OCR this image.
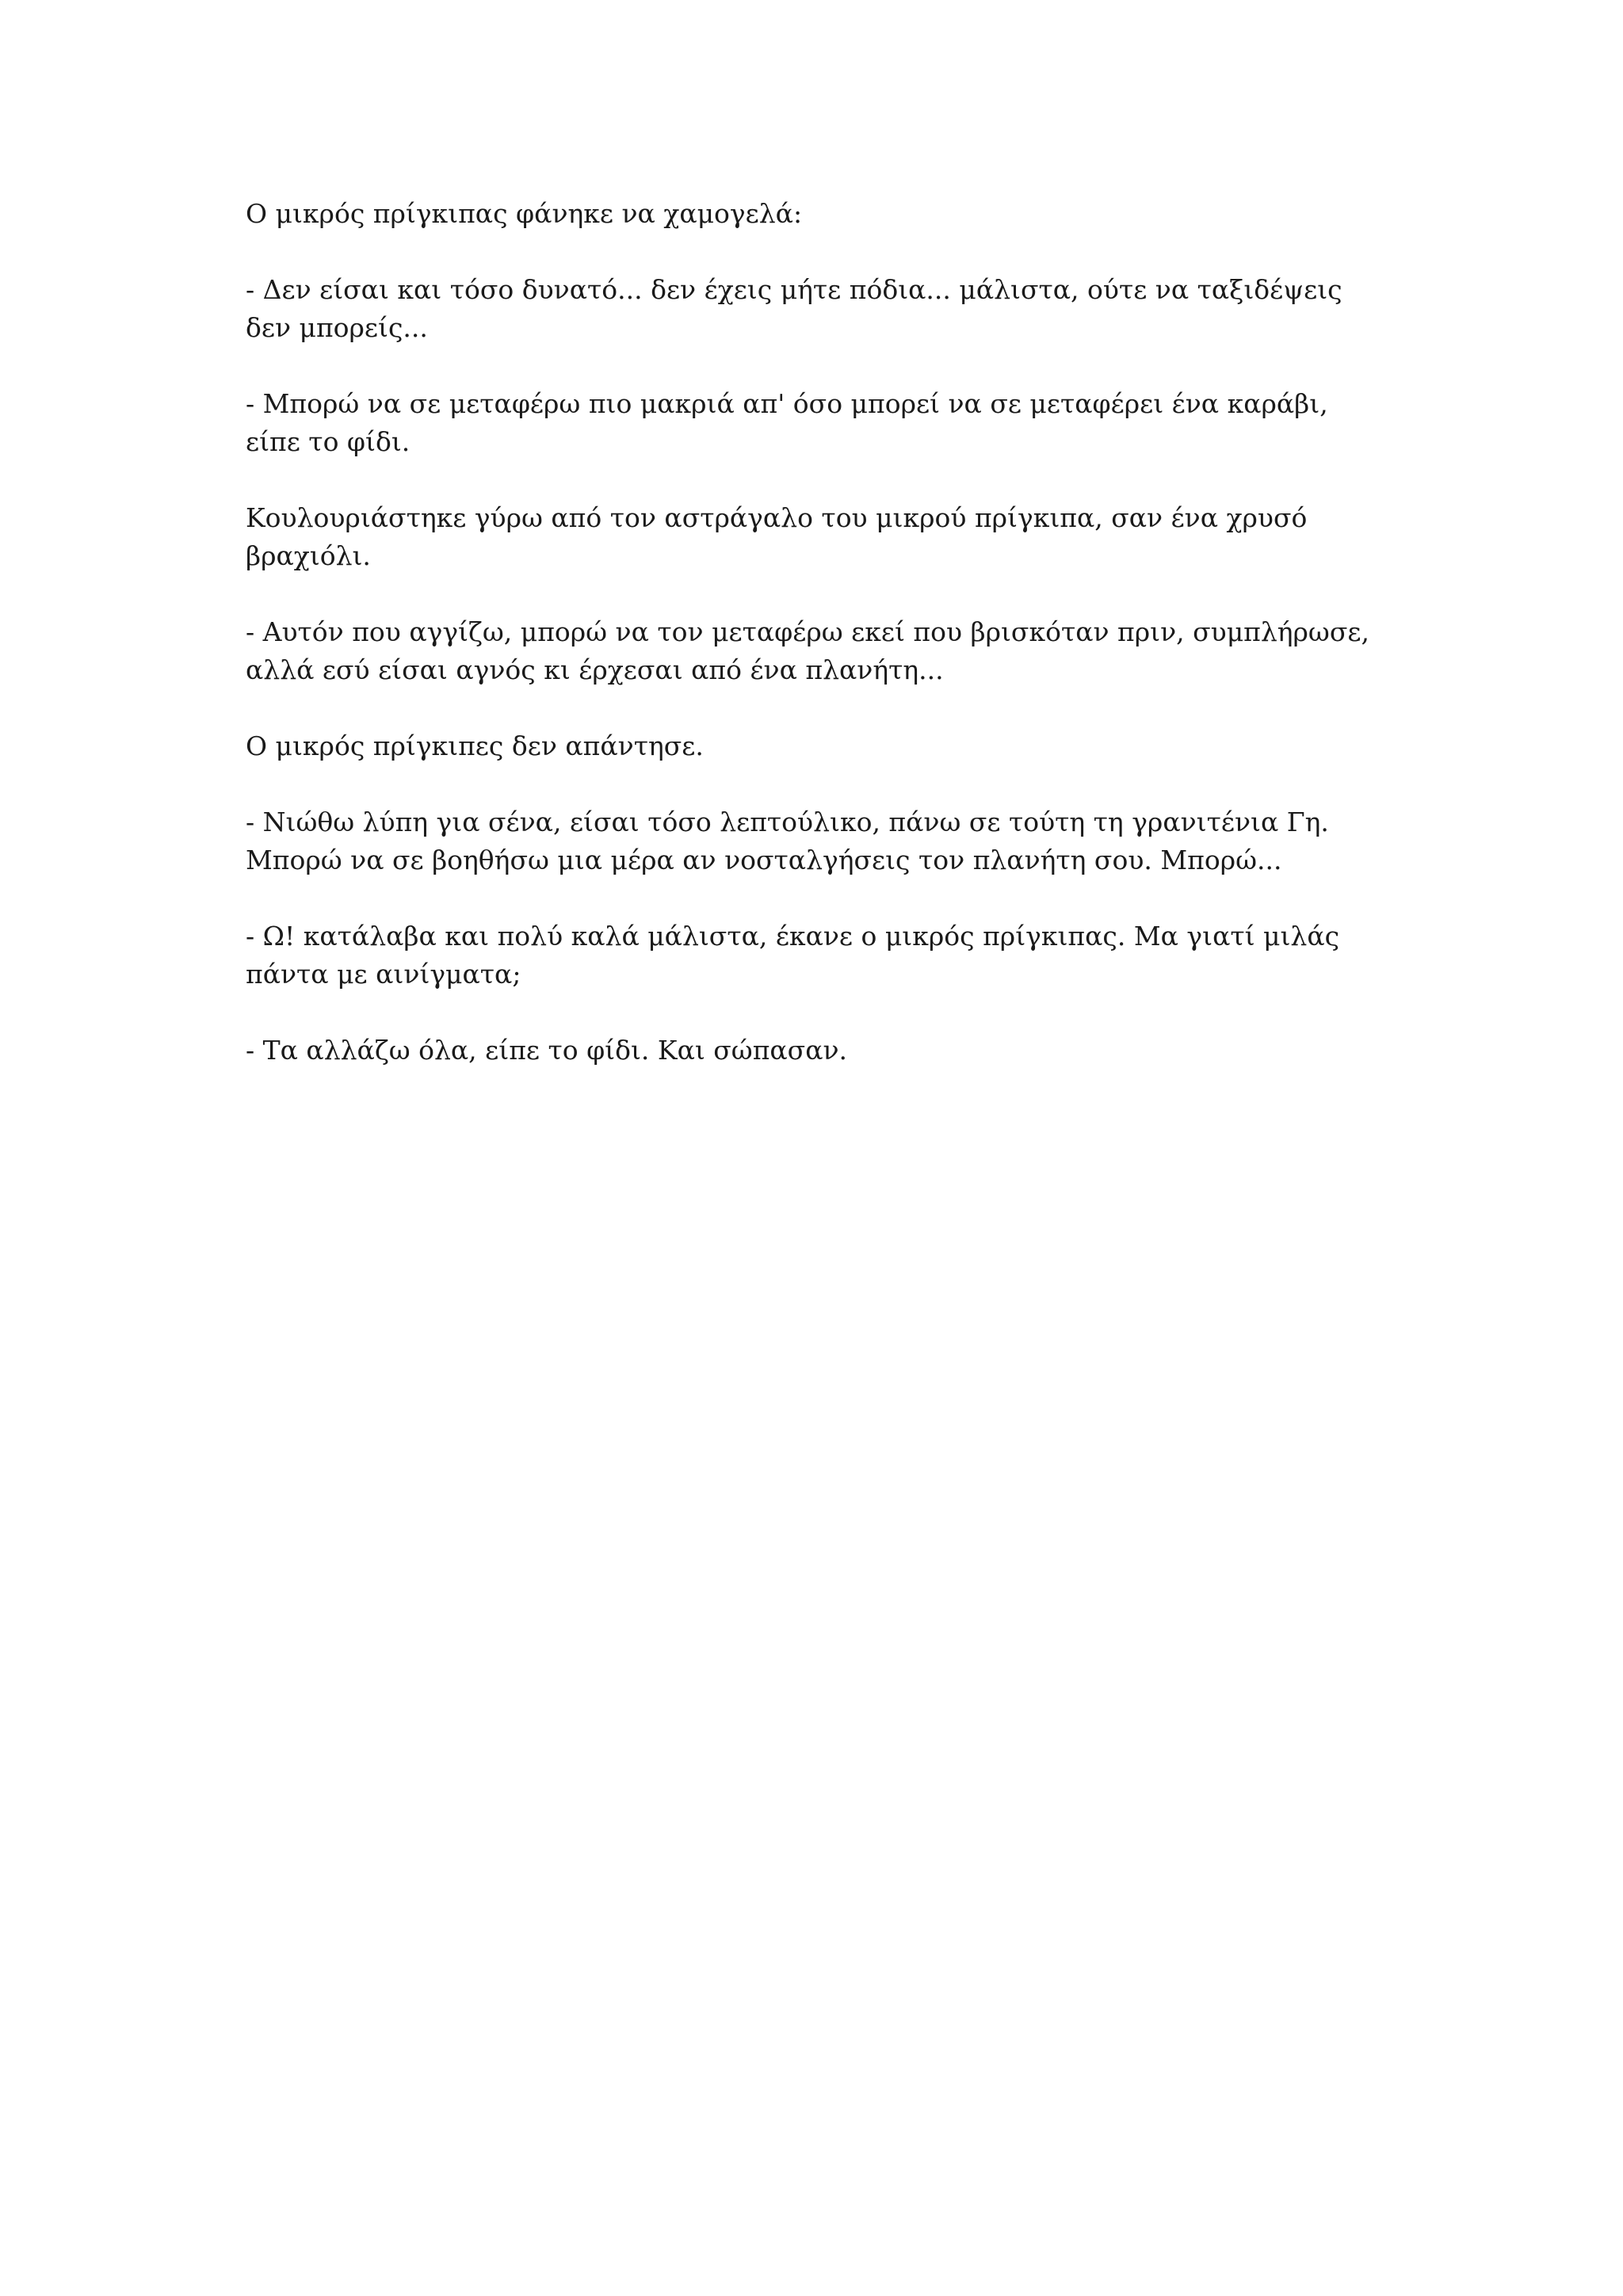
Ο μικρός πρίγκιπας φάνηκε να χαμογελά:

- Δεν είσαι και τόσο δυνατό... δεν έχεις μήτε πόδια... μάλιστα, ούτε να ταξιδέψεις δεν μπορείς...

- Μπορώ να σε μεταφέρω πιο μακριά απ' όσο μπορεί να σε μεταφέρει ένα καράβι, είπε το φίδι.

Κουλουριάστηκε γύρω από τον αστράγαλο του μικρού πρίγκιπα, σαν ένα χρυσό βραχιόλι.

- Αυτόν που αγγίζω, μπορώ να τον μεταφέρω εκεί που βρισκόταν πριν, συμπλήρωσε, αλλά εσύ είσαι αγνός κι έρχεσαι από ένα πλανήτη...

Ο μικρός πρίγκιπες δεν απάντησε.

- Νιώθω λύπη για σένα, είσαι τόσο λεπτούλικο, πάνω σε τούτη τη γρανιτένια Γη. Μπορώ να σε βοηθήσω μια μέρα αν νοσταλγήσεις τον πλανήτη σου. Μπορώ...

- Ω! κατάλαβα και πολύ καλά μάλιστα, έκανε ο μικρός πρίγκιπας. Μα γιατί μιλάς πάντα με αινίγματα;

- Τα αλλάζω όλα, είπε το φίδι. Και σώπασαν.
